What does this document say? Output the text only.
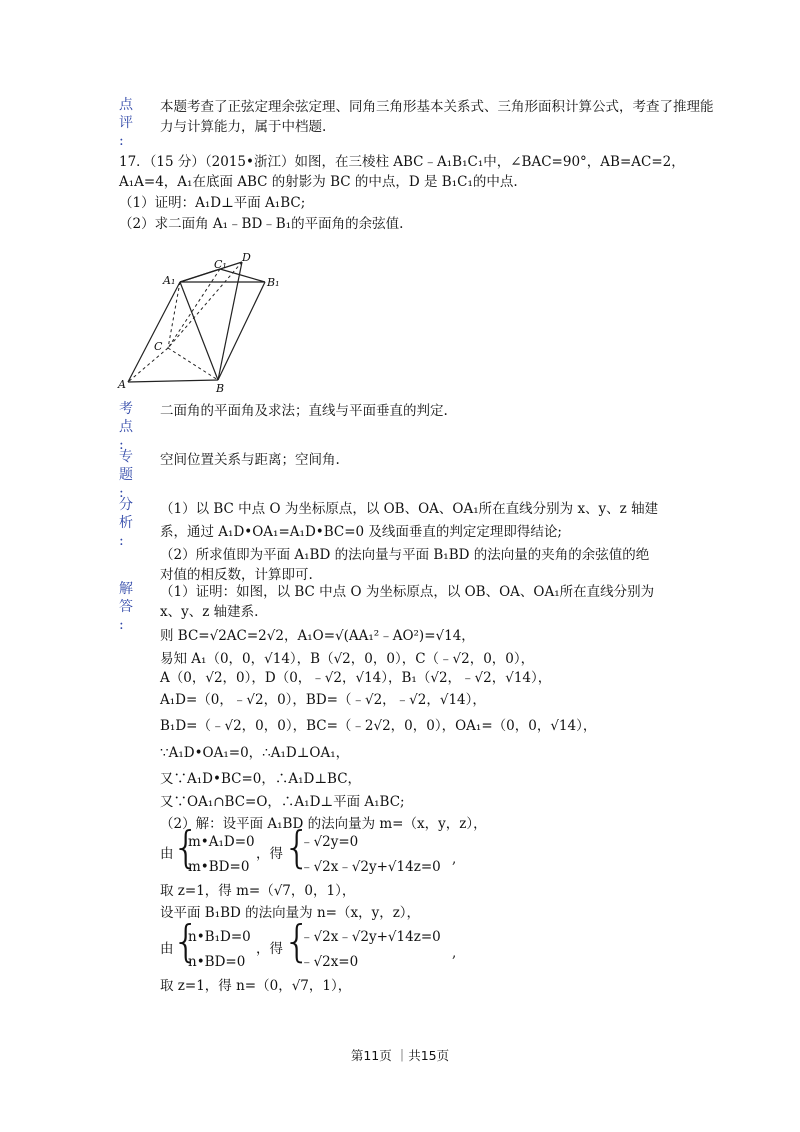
点
评
:
本题考查了正弦定理余弦定理、同角三角形基本关系式、三角形面积计算公式，考查了推理能
力与计算能力，属于中档题.
17．（15 分）（2015•浙江）如图，在三棱柱 ABC﹣A₁B₁C₁中，∠BAC=90°，AB=AC=2，
A₁A=4，A₁在底面 ABC 的射影为 BC 的中点，D 是 B₁C₁的中点.
（1）证明：A₁D⊥平面 A₁BC;
（2）求二面角 A₁﹣BD﹣B₁的平面角的余弦值.
C₁
D
A₁	B₁
C
A	B
考
点
:
二面角的平面角及求法；直线与平面垂直的判定.
专
题
:
空间位置关系与距离；空间角.
分
析
:
（1）以 BC 中点 O 为坐标原点，以 OB、OA、OA₁所在直线分别为 x、y、z 轴建
系，通过 A₁D•OA₁=A₁D•BC=0 及线面垂直的判定定理即得结论;
（2）所求值即为平面 A₁BD 的法向量与平面 B₁BD 的法向量的夹角的余弦值的绝
对值的相反数，计算即可.
解
答
:
（1）证明：如图，以 BC 中点 O 为坐标原点，以 OB、OA、OA₁所在直线分别为
x、y、z 轴建系.
则 BC=√2AC=2√2，A₁O=√(AA₁²﹣AO²)=√14，
易知 A₁（0，0，√14），B（√2，0，0），C（﹣√2，0，0），
A（0，√2，0），D（0，﹣√2，√14），B₁（√2，﹣√2，√14），
A₁D=（0，﹣√2，0），BD=（﹣√2，﹣√2，√14），
B₁D=（﹣√2，0，0），BC=（﹣2√2，0，0），OA₁=（0，0，√14），
∵A₁D•OA₁=0，∴A₁D⊥OA₁，
又∵A₁D•BC=0，∴A₁D⊥BC，
又∵OA₁∩BC=O，∴A₁D⊥平面 A₁BC;
（2）解：设平面 A₁BD 的法向量为 m=（x，y，z），
由
{
m•A₁D=0
m•BD=0
，得 {
﹣√2y=0
﹣√2x﹣√2y+√14z=0 ,
取 z=1，得 m=（√7，0，1），
设平面 B₁BD 的法向量为 n=（x，y，z），
由
{
n•B₁D=0
n•BD=0
，得 {
﹣√2x﹣√2y+√14z=0
﹣√2x=0
,
取 z=1，得 n=（0，√7，1），
第11页 ｜共15页
